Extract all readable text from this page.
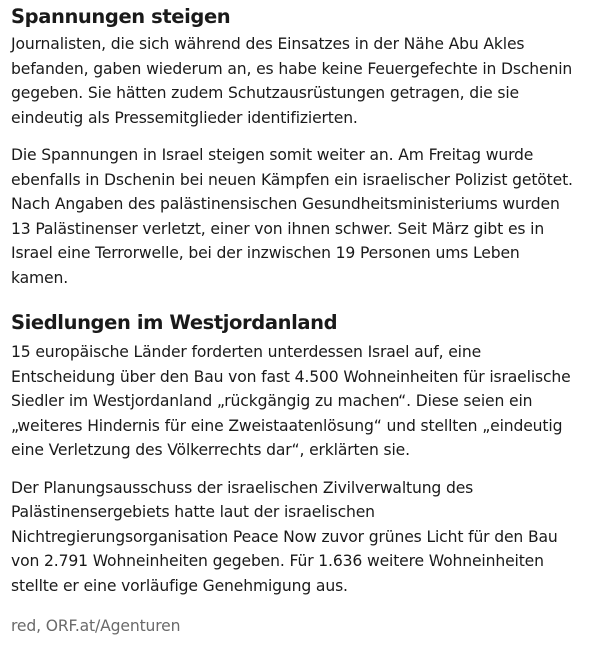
Spannungen steigen

Journalisten, die sich während des Einsatzes in der Nähe Abu Akles befanden, gaben wiederum an, es habe keine Feuergefechte in Dschenin gegeben. Sie hätten zudem Schutzausrüstungen getragen, die sie eindeutig als Pressemitglieder identifizierten.

Die Spannungen in Israel steigen somit weiter an. Am Freitag wurde ebenfalls in Dschenin bei neuen Kämpfen ein israelischer Polizist getötet. Nach Angaben des palästinensischen Gesundheitsministeriums wurden 13 Palästinenser verletzt, einer von ihnen schwer. Seit März gibt es in Israel eine Terrorwelle, bei der inzwischen 19 Personen ums Leben kamen.

Siedlungen im Westjordanland

15 europäische Länder forderten unterdessen Israel auf, eine Entscheidung über den Bau von fast 4.500 Wohneinheiten für israelische Siedler im Westjordanland „rückgängig zu machen“. Diese seien ein „weiteres Hindernis für eine Zweistaatenlösung“ und stellten „eindeutig eine Verletzung des Völkerrechts dar“, erklärten sie.

Der Planungsausschuss der israelischen Zivilverwaltung des Palästinensergebiets hatte laut der israelischen Nichtregierungsorganisation Peace Now zuvor grünes Licht für den Bau von 2.791 Wohneinheiten gegeben. Für 1.636 weitere Wohneinheiten stellte er eine vorläufige Genehmigung aus.

red, ORF.at/Agenturen
